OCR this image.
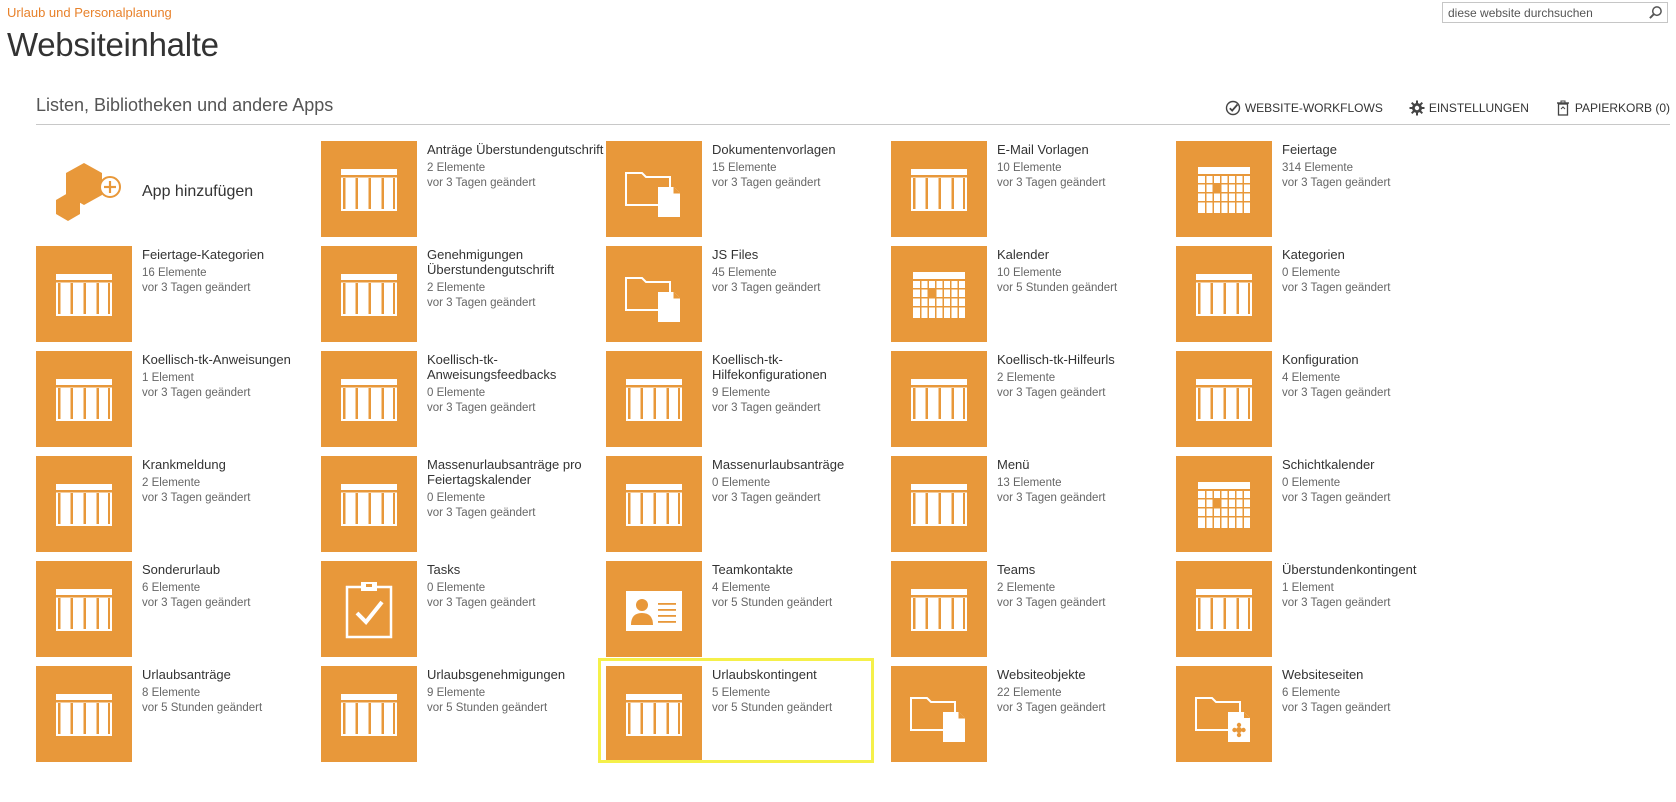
Urlaub und Personalplanung
Websiteinhalte
diese website durchsuchen
Listen, Bibliotheken und andere Apps	WEBSITE-WORKFLOWS	EINSTELLUNGEN	PAPIERKORB (0)
App hinzufügen
Anträge Überstundengutschrift
2 Elemente
vor 3 Tagen geändert
Dokumentenvorlagen
15 Elemente
vor 3 Tagen geändert
E-Mail Vorlagen
10 Elemente
vor 3 Tagen geändert
Feiertage
314 Elemente
vor 3 Tagen geändert
Feiertage-Kategorien
16 Elemente
vor 3 Tagen geändert
Genehmigungen Überstundengutschrift
2 Elemente
vor 3 Tagen geändert
JS Files
45 Elemente
vor 3 Tagen geändert
Kalender
10 Elemente
vor 5 Stunden geändert
Kategorien
0 Elemente
vor 3 Tagen geändert
Koellisch-tk-Anweisungen
1 Element
vor 3 Tagen geändert
Koellisch-tk-Anweisungsfeedbacks
0 Elemente
vor 3 Tagen geändert
Koellisch-tk-Hilfekonfigurationen
9 Elemente
vor 3 Tagen geändert
Koellisch-tk-Hilfeurls
2 Elemente
vor 3 Tagen geändert
Konfiguration
4 Elemente
vor 3 Tagen geändert
Krankmeldung
2 Elemente
vor 3 Tagen geändert
Massenurlaubsanträge pro Feiertagskalender
0 Elemente
vor 3 Tagen geändert
Massenurlaubsanträge
0 Elemente
vor 3 Tagen geändert
Menü
13 Elemente
vor 3 Tagen geändert
Schichtkalender
0 Elemente
vor 3 Tagen geändert
Sonderurlaub
6 Elemente
vor 3 Tagen geändert
Tasks
0 Elemente
vor 3 Tagen geändert
Teamkontakte
4 Elemente
vor 5 Stunden geändert
Teams
2 Elemente
vor 3 Tagen geändert
Überstundenkontingent
1 Element
vor 3 Tagen geändert
Urlaubsanträge
8 Elemente
vor 5 Stunden geändert
Urlaubsgenehmigungen
9 Elemente
vor 5 Stunden geändert
Urlaubskontingent
5 Elemente
vor 5 Stunden geändert
Websiteobjekte
22 Elemente
vor 3 Tagen geändert
Websiteseiten
6 Elemente
vor 3 Tagen geändert
